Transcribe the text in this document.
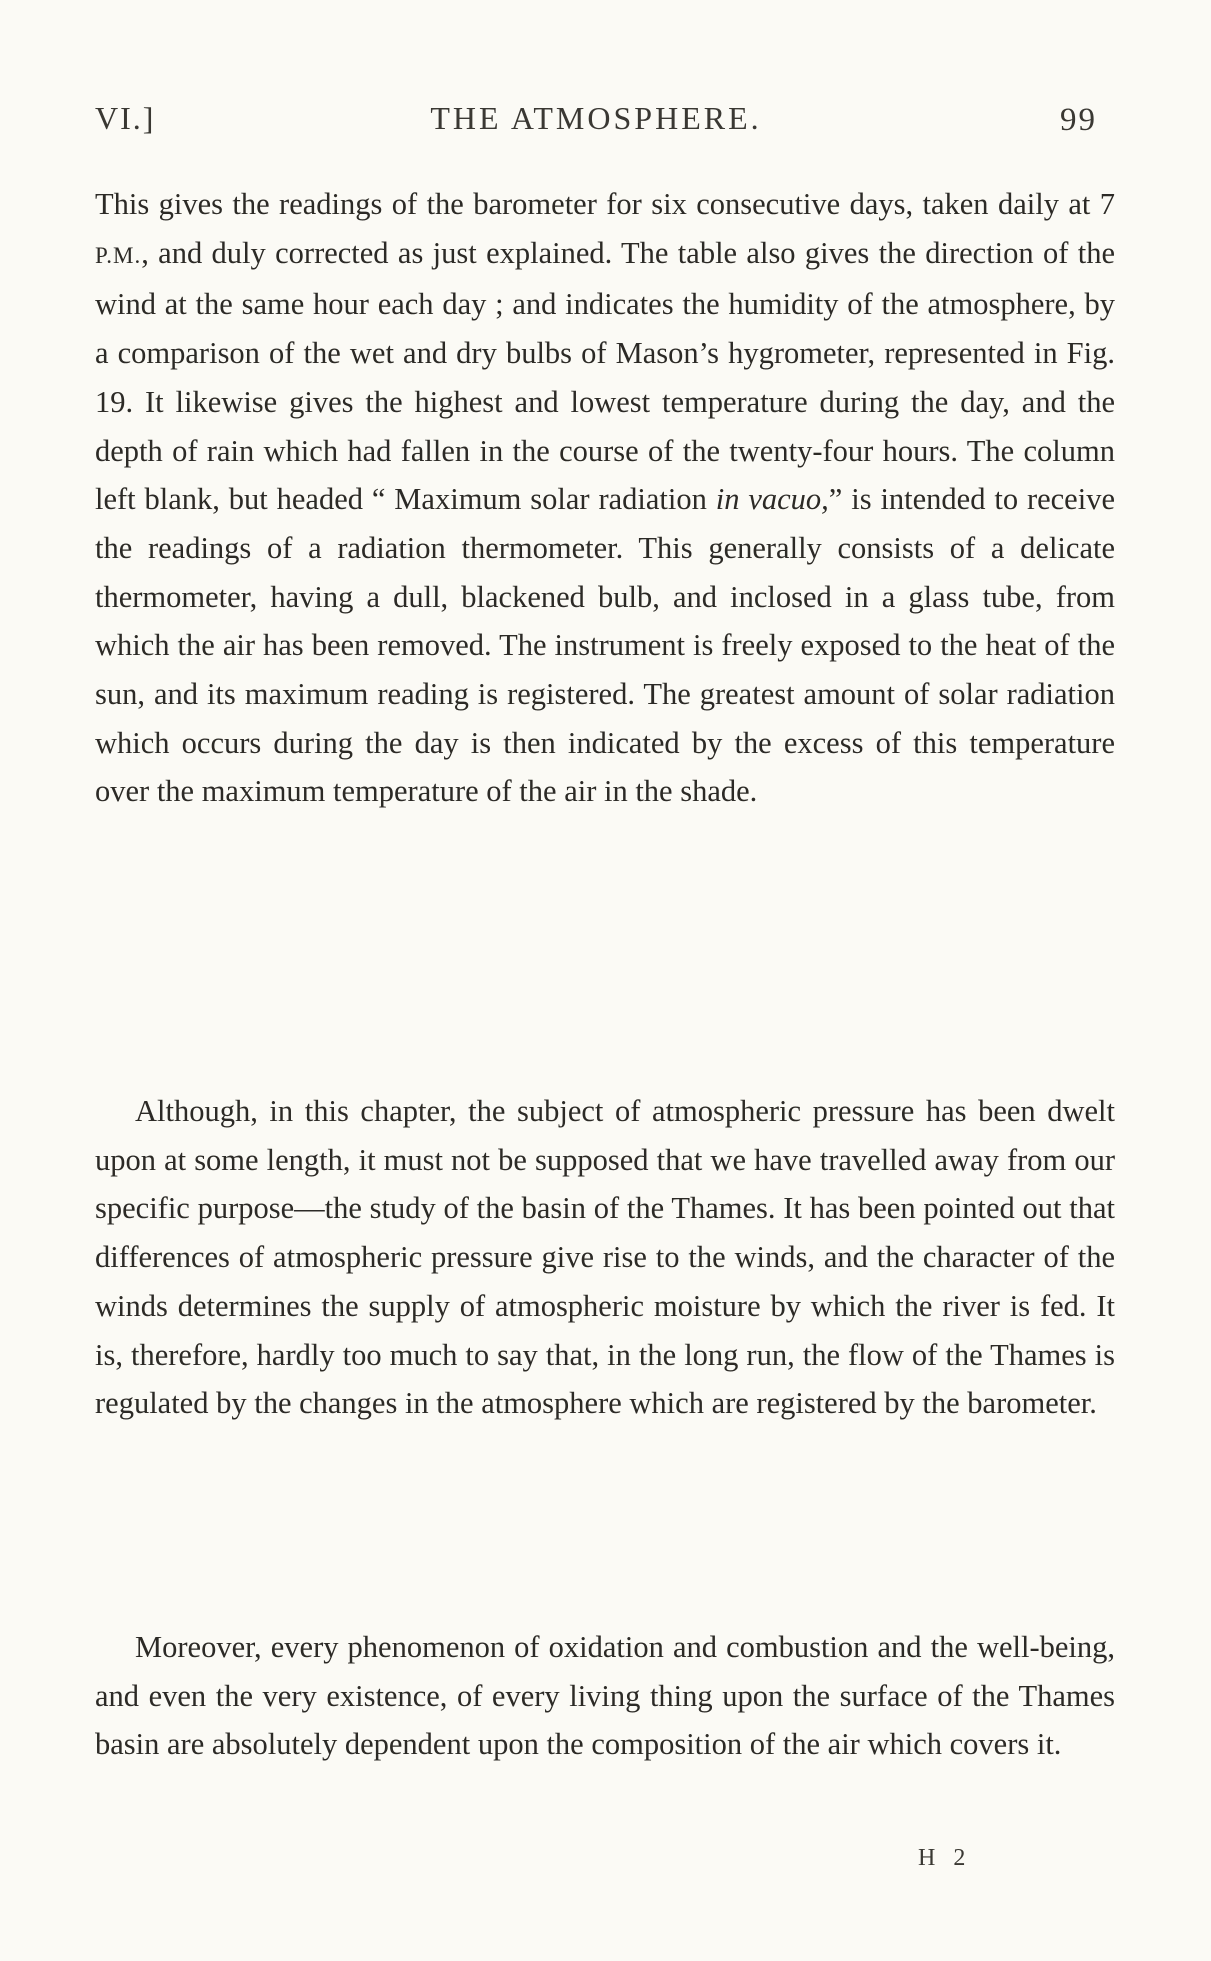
VI.]	THE ATMOSPHERE.	99
This gives the readings of the barometer for six consecutive days, taken daily at 7 P.M., and duly corrected as just explained. The table also gives the direction of the wind at the same hour each day ; and indicates the humidity of the atmosphere, by a comparison of the wet and dry bulbs of Mason’s hygrometer, represented in Fig. 19. It likewise gives the highest and lowest temperature during the day, and the depth of rain which had fallen in the course of the twenty-four hours. The column left blank, but headed “ Maximum solar radiation in vacuo,” is intended to receive the readings of a radiation thermometer. This generally consists of a delicate thermometer, having a dull, blackened bulb, and inclosed in a glass tube, from which the air has been removed. The instrument is freely exposed to the heat of the sun, and its maximum reading is registered. The greatest amount of solar radiation which occurs during the day is then indicated by the excess of this temperature over the maximum temperature of the air in the shade.
Although, in this chapter, the subject of atmospheric pressure has been dwelt upon at some length, it must not be supposed that we have travelled away from our specific purpose—the study of the basin of the Thames. It has been pointed out that differences of atmospheric pressure give rise to the winds, and the character of the winds determines the supply of atmospheric moisture by which the river is fed. It is, therefore, hardly too much to say that, in the long run, the flow of the Thames is regulated by the changes in the atmosphere which are registered by the barometer.
Moreover, every phenomenon of oxidation and combustion and the well-being, and even the very existence, of every living thing upon the surface of the Thames basin are absolutely dependent upon the composition of the air which covers it.
H 2
